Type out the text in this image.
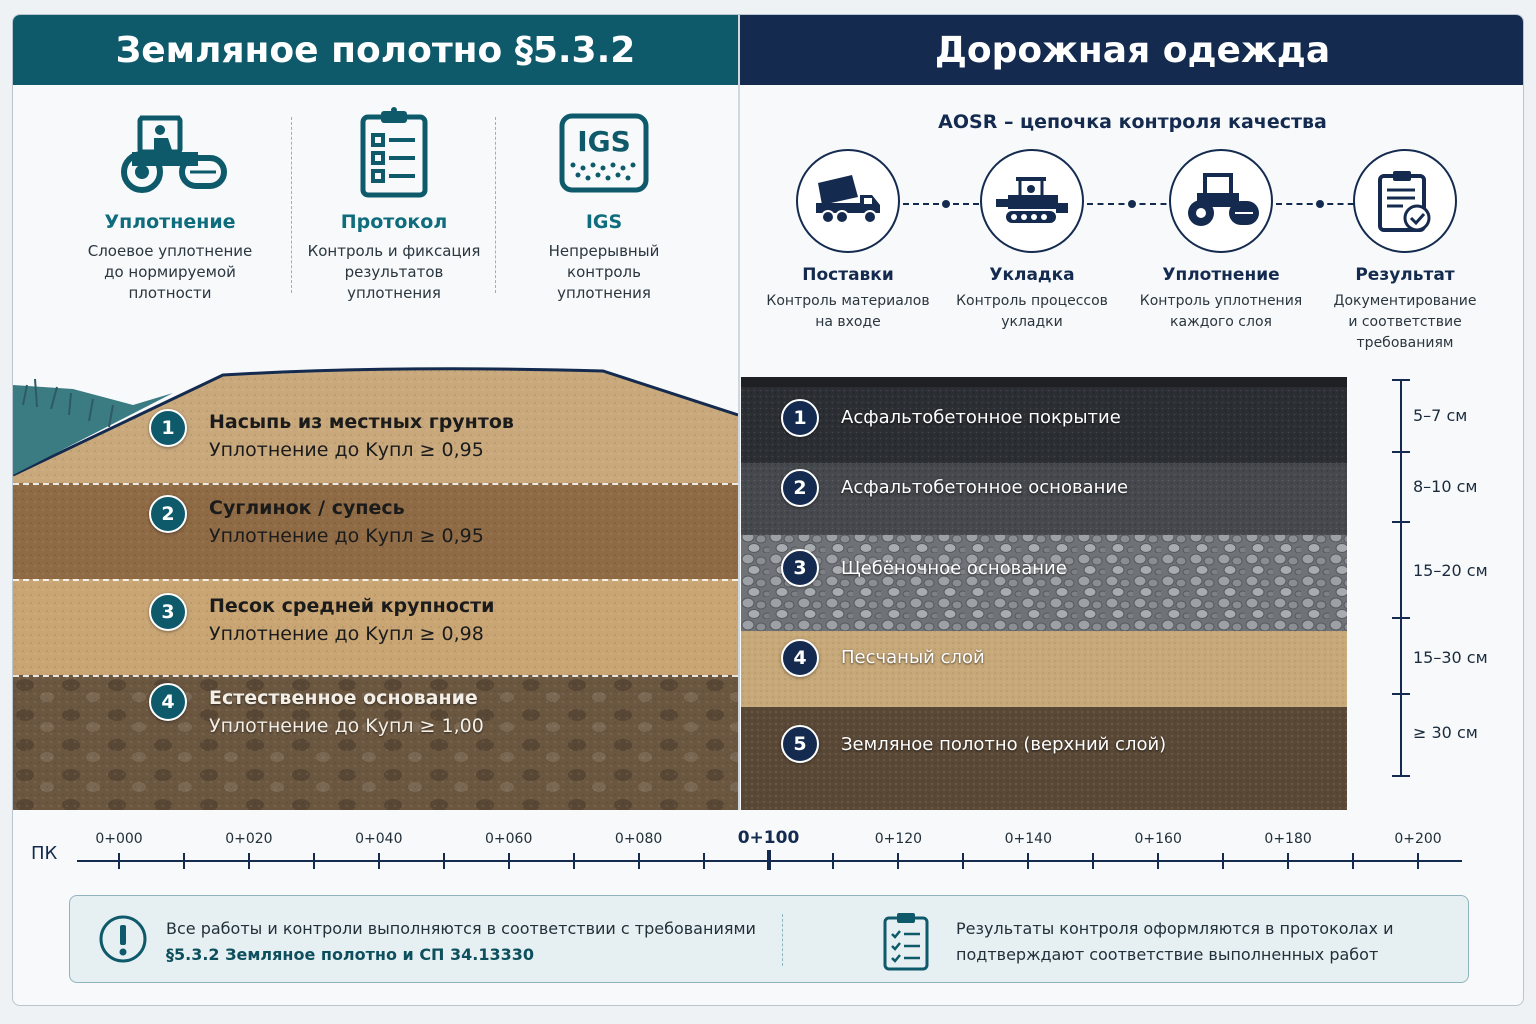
Земляное полотно §5.3.2	Дорожная одежда
Уплотнение
Слоевое уплотнение
до нормируемой
плотности
Протокол
Контроль и фиксация
результатов
уплотнения
IGS
IGS
Непрерывный
контроль
уплотнения
AOSR – цепочка контроля качества
Поставки
Контроль материалов
на входе
Укладка
Контроль процессов
укладки
Уплотнение
Контроль уплотнения
каждого слоя
Результат
Документирование
и соответствие
требованиям
1	Насыпь из местных грунтов
Уплотнение до Kупл ≥ 0,95
2	Суглинок / супесь
Уплотнение до Kупл ≥ 0,95
3	Песок средней крупности
Уплотнение до Kупл ≥ 0,98
4	Естественное основание
Уплотнение до Kупл ≥ 1,00
1	Асфальтобетонное покрытие
2	Асфальтобетонное основание
3	Щебёночное основание
4	Песчаный слой
5	Земляное полотно (верхний слой)
5–7 см
8–10 см
15–20 см
15–30 см
≥ 30 см
ПК
0+000	0+020	0+040	0+060	0+080	0+100	0+120	0+140	0+160	0+180	0+200
Все работы и контроли выполняются в соответствии с требованиями
§5.3.2 Земляное полотно и СП 34.13330
Результаты контроля оформляются в протоколах и
подтверждают соответствие выполненных работ
